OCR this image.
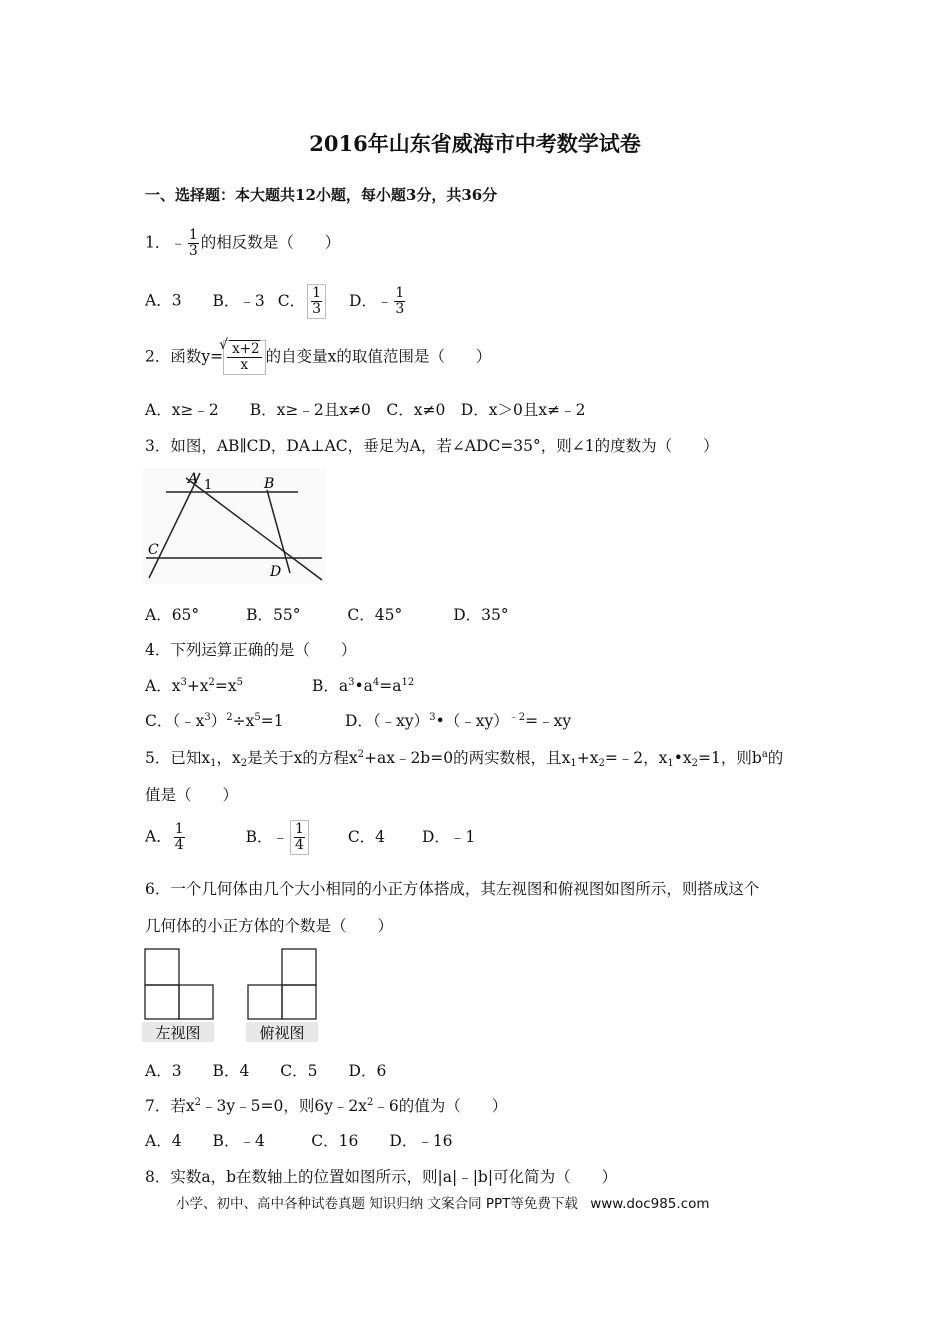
2016年山东省威海市中考数学试卷
一、选择题：本大题共12小题，每小题3分，共36分
1．﹣ $\frac{1}{3}$ 的相反数是（　　）
A．3 B．﹣3 C． $\frac{1}{3}$ D．﹣ $\frac{1}{3}$
2．函数y=
√ $\frac{x+2}{x}$ 的自变量x的取值范围是（　　）
A．x≥﹣2　　B．x≥﹣2且x≠0　C．x≠0　D．x＞0且x≠﹣2
3．如图，AB∥CD，DA⊥AC，垂足为A，若∠ADC=35°，则∠1的度数为（　　）
A 1	B
C
D
A．65°	B．55°	C．45°	D．35°
4．下列运算正确的是（　　）
A．$x^3+x^2=x^5$	B．$a^3•a^4=a^{12}$
C．$(﹣x^3)^2\div x^5=1$	D．（﹣xy）$^3$•（﹣xy）$^{﹣2}$=﹣xy
5．已知$x_1$，$x_2$是关于x的方程$x^2+ax﹣2b=0$的两实数根，且$x_1+x_2=﹣2$，$x_1•x_2=1$，则$b^a$的
值是（　　）
A． $\frac{1}{4}$	B．﹣ $\frac{1}{4}$	C．4 D．﹣1
6．一个几何体由几个大小相同的小正方体搭成，其左视图和俯视图如图所示，则搭成这个
几何体的小正方体的个数是（　　）
左视图	俯视图
A．3　　B．4　　C．5　　D．6
7．若$x^2﹣3y﹣5=0$，则$6y﹣2x^2﹣6$的值为（　　）
A．4　　B．﹣4　　　C．16　　D．﹣16
8．实数a，b在数轴上的位置如图所示，则|a|﹣|b|可化简为（　　）
小学、初中、高中各种试卷真题 知识归纳 文案合同 PPT等免费下载 www.doc985.com
